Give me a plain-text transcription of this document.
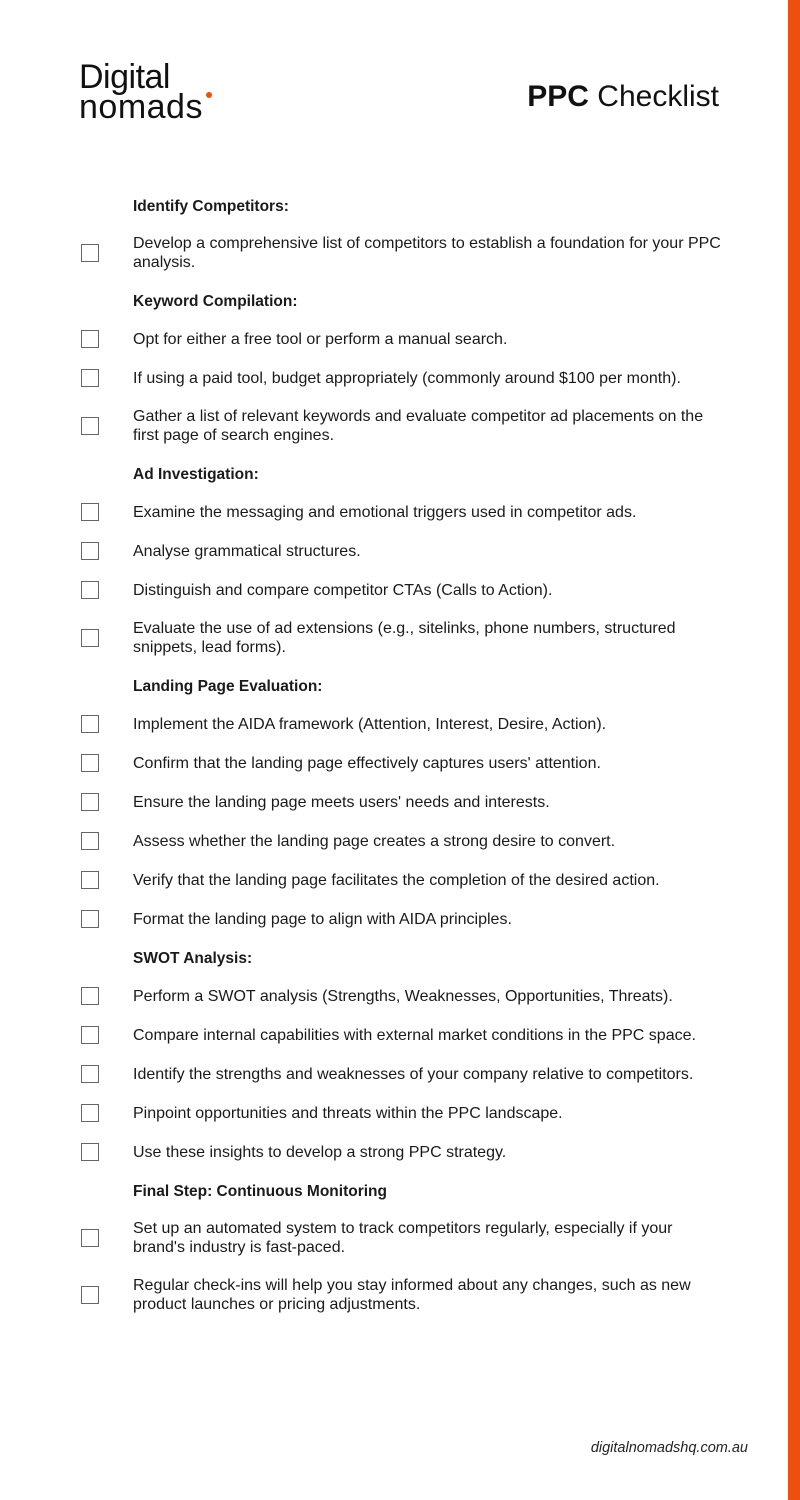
Digital
nomads	PPC Checklist
Identify Competitors:
Develop a comprehensive list of competitors to establish a foundation for your PPC analysis.
Keyword Compilation:
Opt for either a free tool or perform a manual search.
If using a paid tool, budget appropriately (commonly around $100 per month).
Gather a list of relevant keywords and evaluate competitor ad placements on the first page of search engines.
Ad Investigation:
Examine the messaging and emotional triggers used in competitor ads.
Analyse grammatical structures.
Distinguish and compare competitor CTAs (Calls to Action).
Evaluate the use of ad extensions (e.g., sitelinks, phone numbers, structured snippets, lead forms).
Landing Page Evaluation:
Implement the AIDA framework (Attention, Interest, Desire, Action).
Confirm that the landing page effectively captures users' attention.
Ensure the landing page meets users' needs and interests.
Assess whether the landing page creates a strong desire to convert.
Verify that the landing page facilitates the completion of the desired action.
Format the landing page to align with AIDA principles.
SWOT Analysis:
Perform a SWOT analysis (Strengths, Weaknesses, Opportunities, Threats).
Compare internal capabilities with external market conditions in the PPC space.
Identify the strengths and weaknesses of your company relative to competitors.
Pinpoint opportunities and threats within the PPC landscape.
Use these insights to develop a strong PPC strategy.
Final Step: Continuous Monitoring
Set up an automated system to track competitors regularly, especially if your brand's industry is fast-paced.
Regular check-ins will help you stay informed about any changes, such as new product launches or pricing adjustments.
digitalnomadshq.com.au
